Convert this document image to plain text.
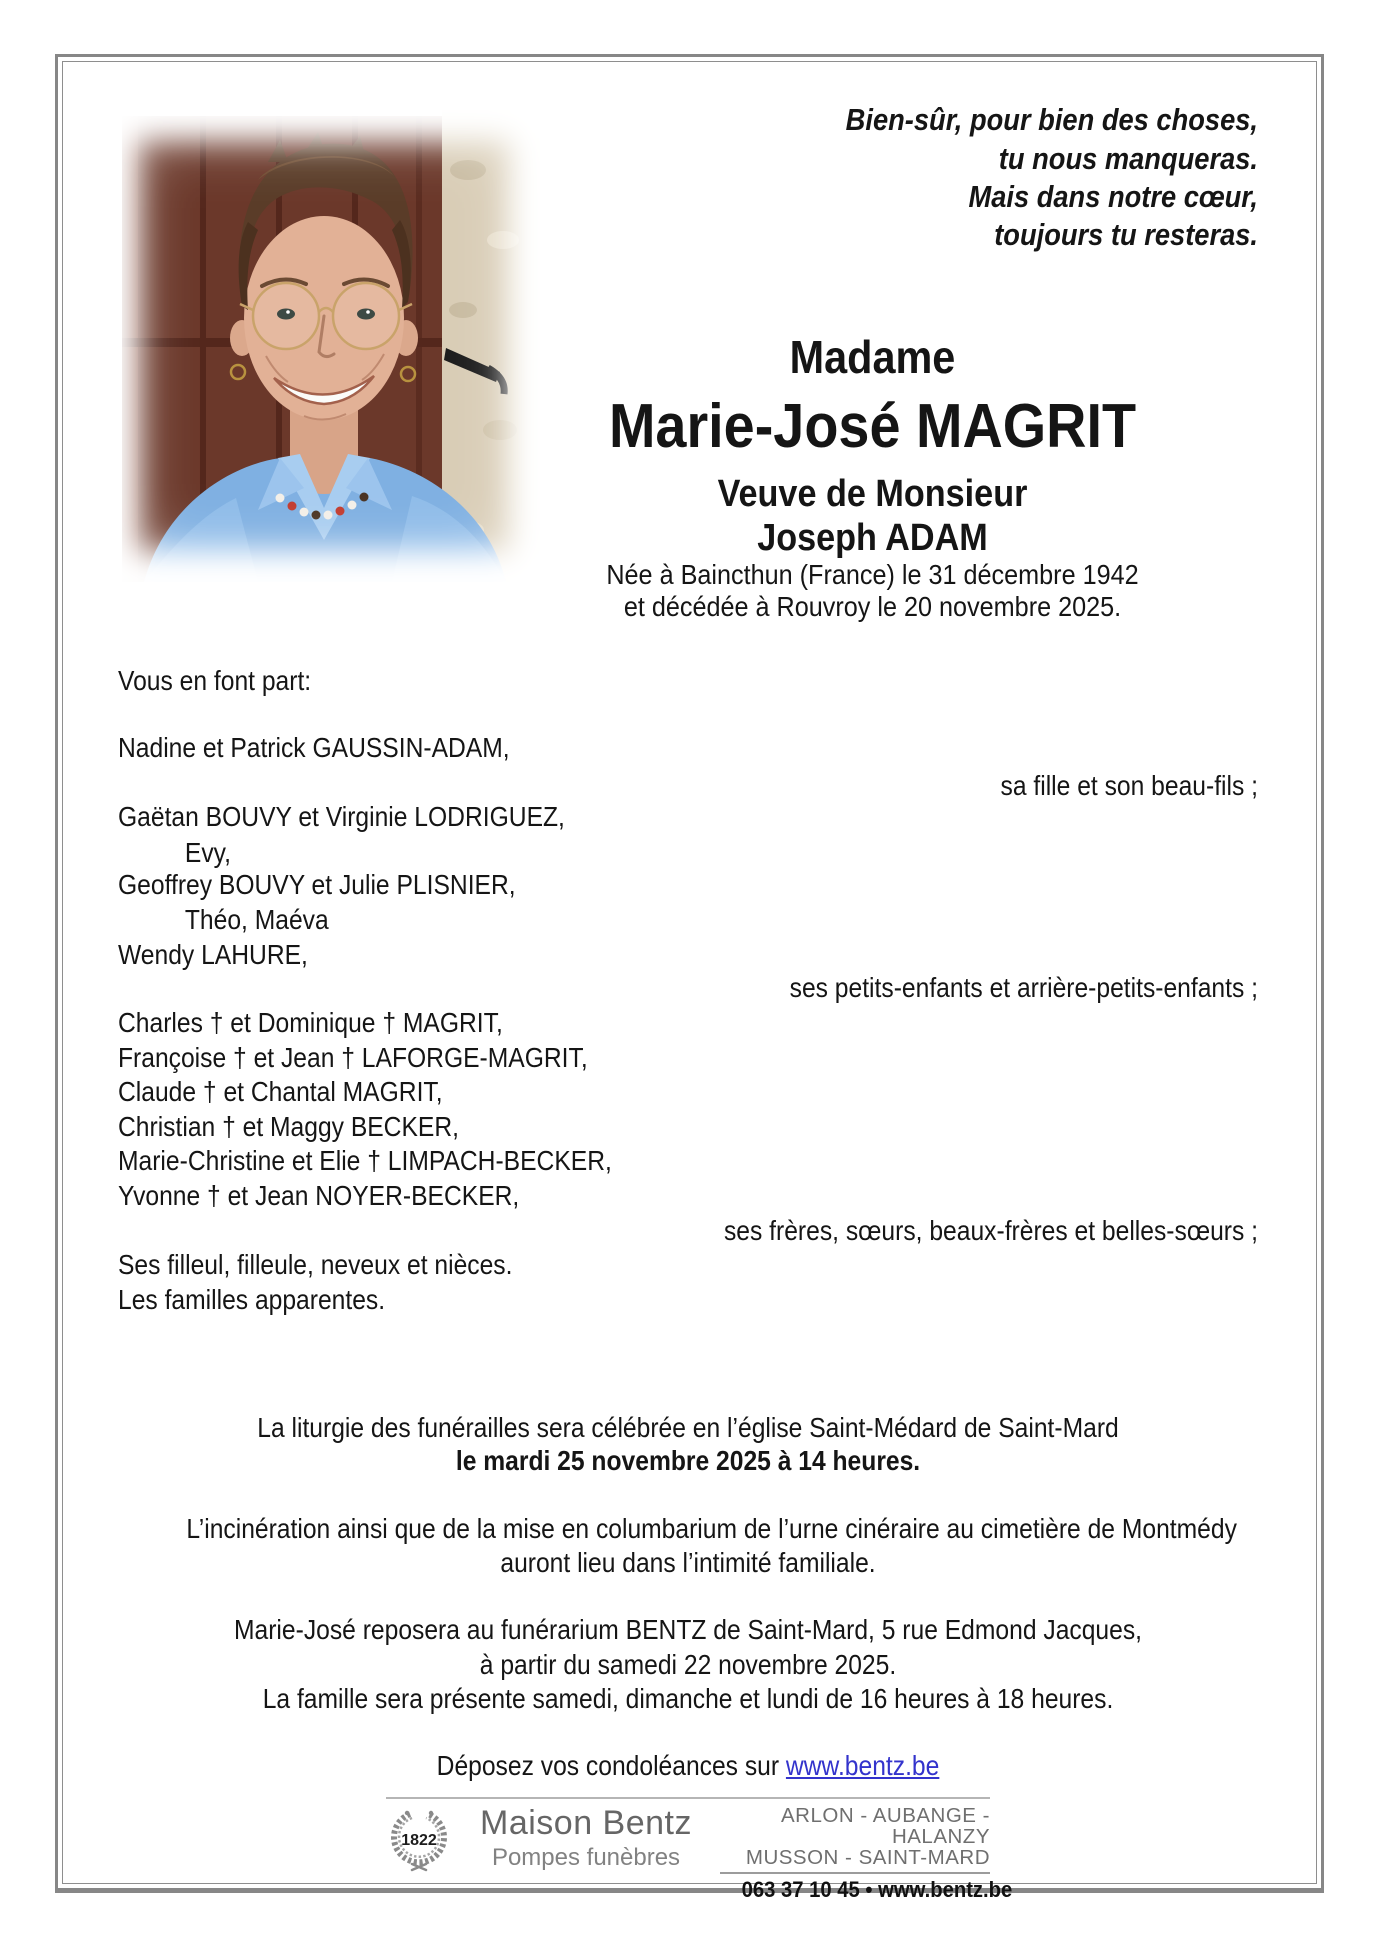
Bien-sûr, pour bien des choses,
tu nous manqueras.
Mais dans notre cœur,
toujours tu resteras.
Madame
Marie-José MAGRIT
Veuve de Monsieur
Joseph ADAM
Née à Baincthun (France) le 31 décembre 1942
et décédée à Rouvroy le 20 novembre 2025.
Vous en font part:
Nadine et Patrick GAUSSIN-ADAM,
sa fille et son beau-fils ;
Gaëtan BOUVY et Virginie LODRIGUEZ,
Evy,
Geoffrey BOUVY et Julie PLISNIER,
Théo, Maéva
Wendy LAHURE,
ses petits-enfants et arrière-petits-enfants ;
Charles † et Dominique † MAGRIT,
Françoise † et Jean † LAFORGE-MAGRIT,
Claude † et Chantal MAGRIT,
Christian † et Maggy BECKER,
Marie-Christine et Elie † LIMPACH-BECKER,
Yvonne † et Jean NOYER-BECKER,
ses frères, sœurs, beaux-frères et belles-sœurs ;
Ses filleul, filleule, neveux et nièces.
Les familles apparentes.
La liturgie des funérailles sera célébrée en l’église Saint-Médard de Saint-Mard
le mardi 25 novembre 2025 à 14 heures.
L’incinération ainsi que de la mise en columbarium de l’urne cinéraire au cimetière de Montmédy
auront lieu dans l’intimité familiale.
Marie-José reposera au funérarium BENTZ de Saint-Mard, 5 rue Edmond Jacques,
à partir du samedi 22 novembre 2025.
La famille sera présente samedi, dimanche et lundi de 16 heures à 18 heures.
Déposez vos condoléances sur www.bentz.be
1822	Maison Bentz
Pompes funèbres
ARLON - AUBANGE - HALANZY
MUSSON - SAINT-MARD
063 37 10 45 • www.bentz.be
